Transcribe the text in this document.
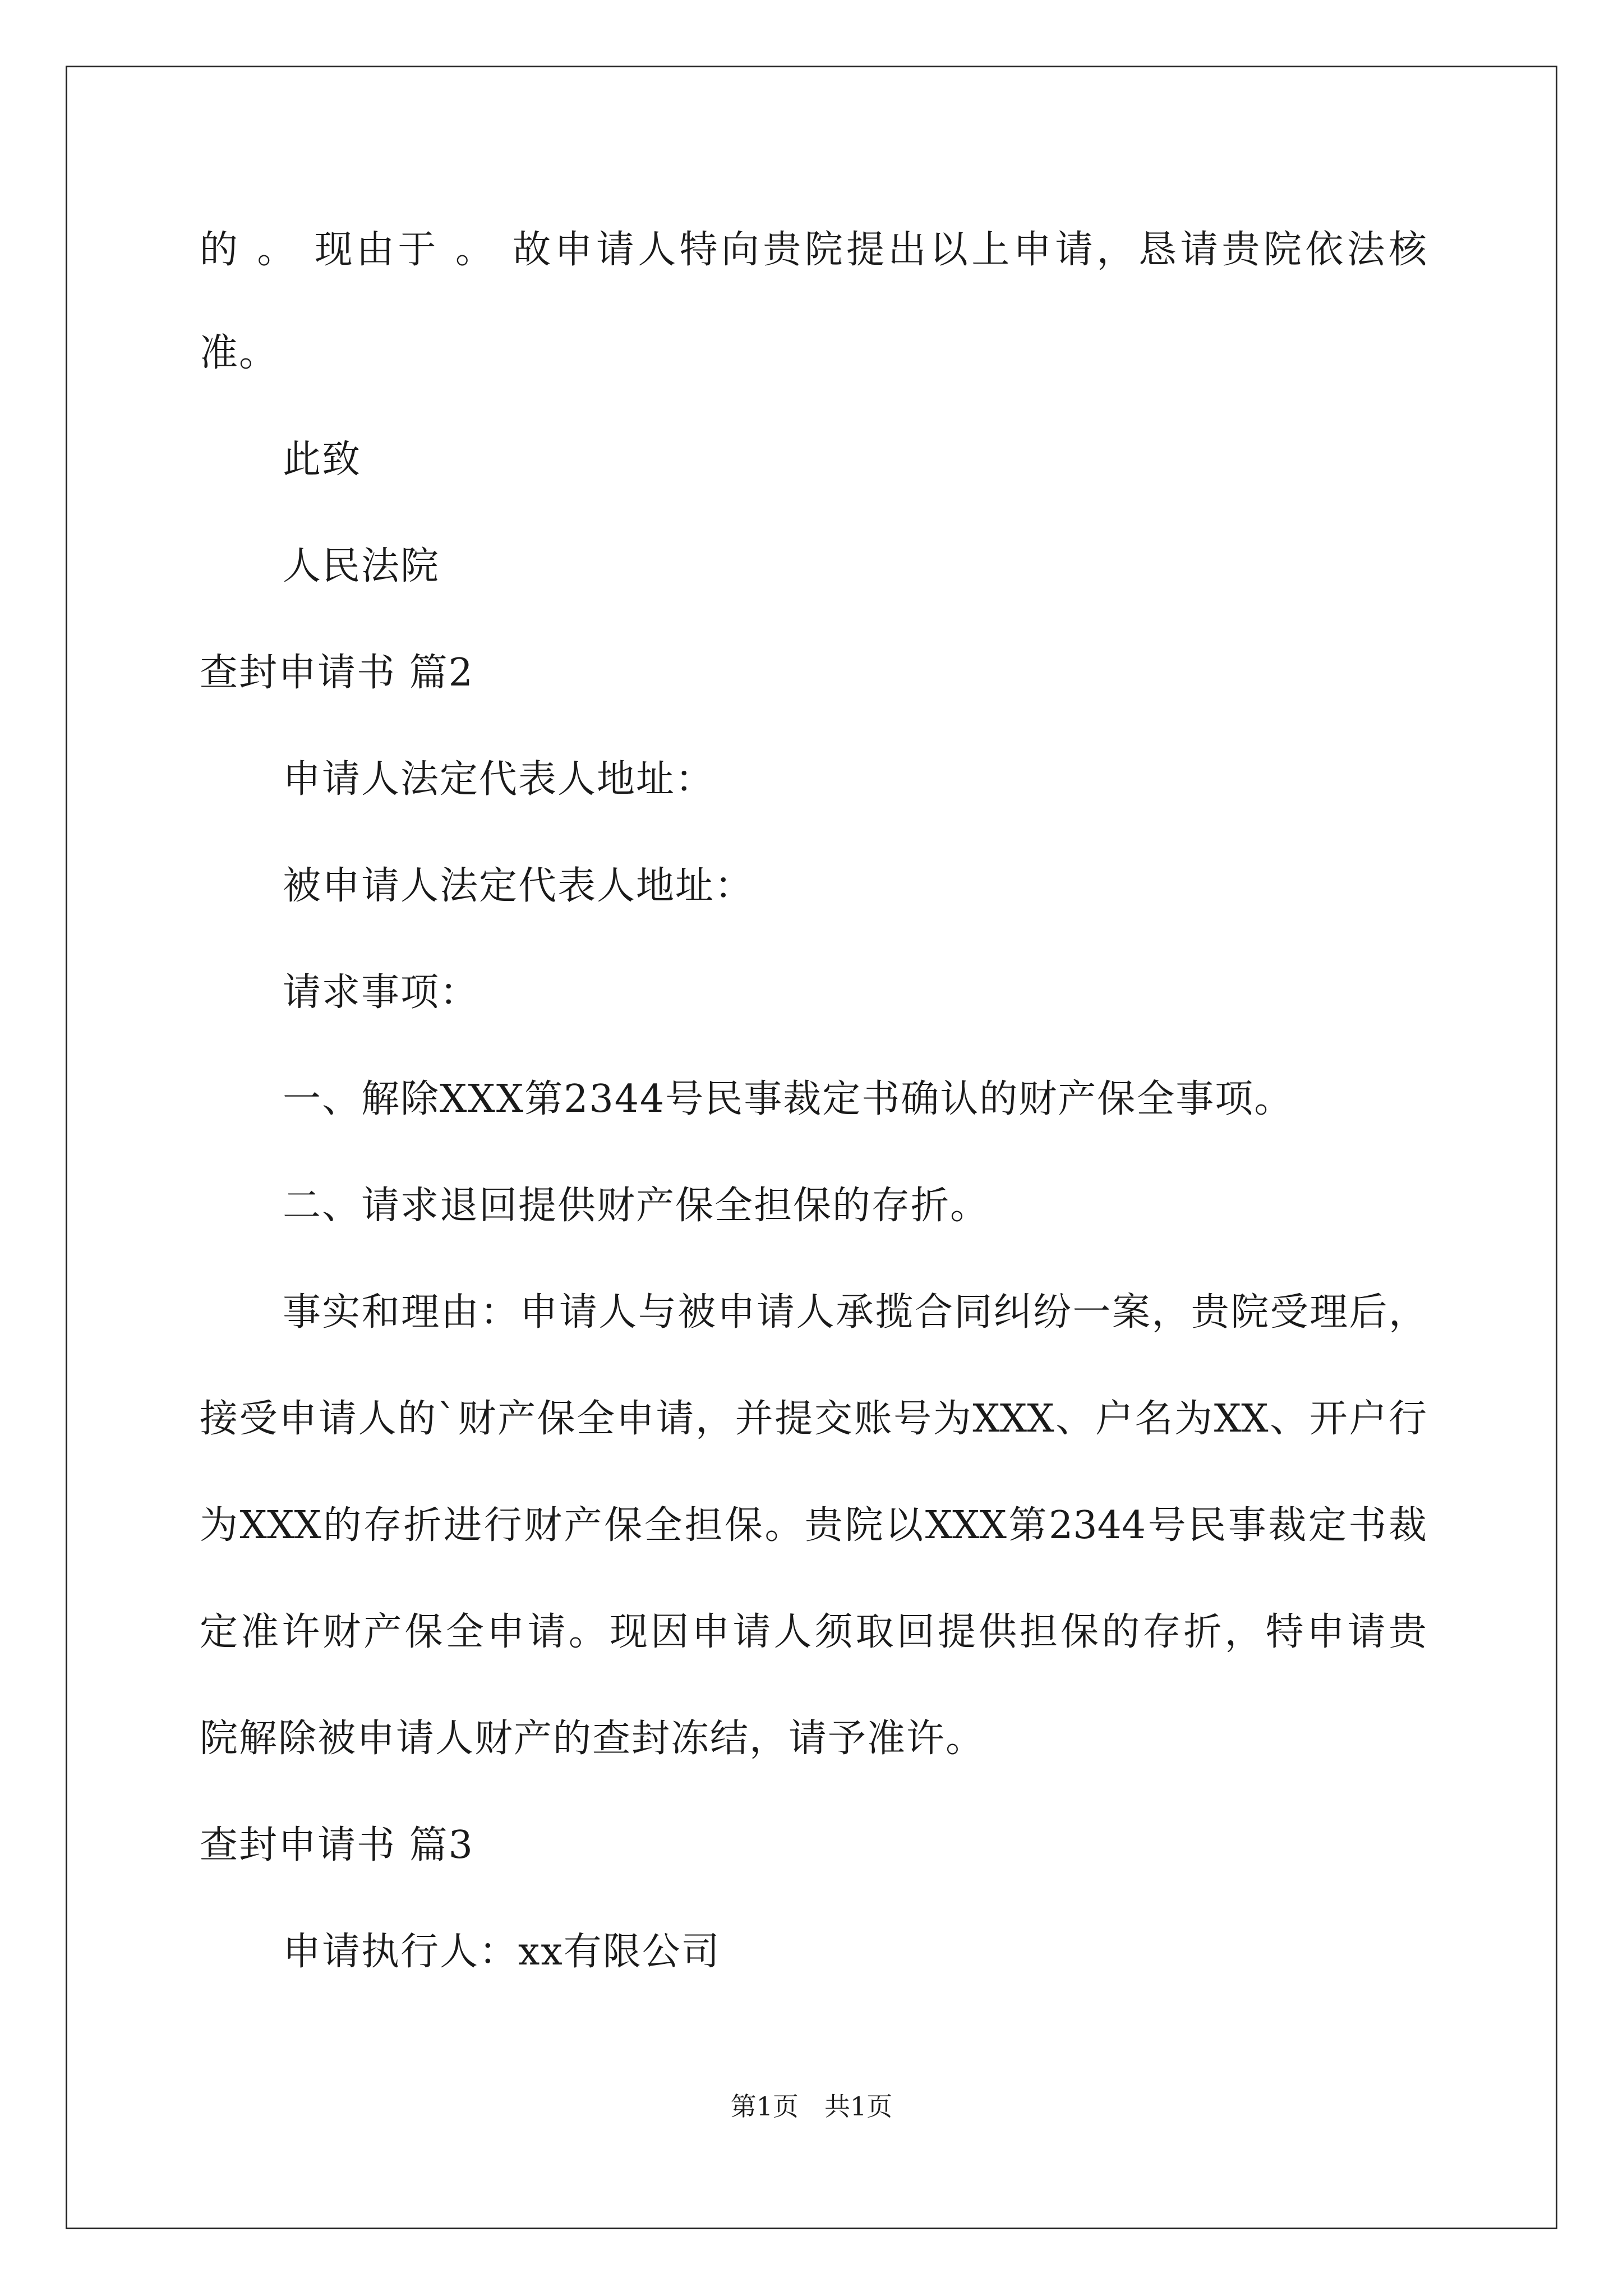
的 。 现由于 。 故申请人特向贵院提出以上申请，恳请贵院依法核
准。
此致
人民法院
查封申请书 篇2
申请人法定代表人地址：
被申请人法定代表人地址：
请求事项：
一、解除XXX第2344号民事裁定书确认的财产保全事项。
二、请求退回提供财产保全担保的存折。
事实和理由：申请人与被申请人承揽合同纠纷一案，贵院受理后，
接受申请人的`财产保全申请，并提交账号为XXX、户名为XX、开户行
为XXX的存折进行财产保全担保。贵院以XXX第2344号民事裁定书裁
定准许财产保全申请。现因申请人须取回提供担保的存折，特申请贵
院解除被申请人财产的查封冻结，请予准许。
查封申请书 篇3
申请执行人：xx有限公司
第1页　共1页
